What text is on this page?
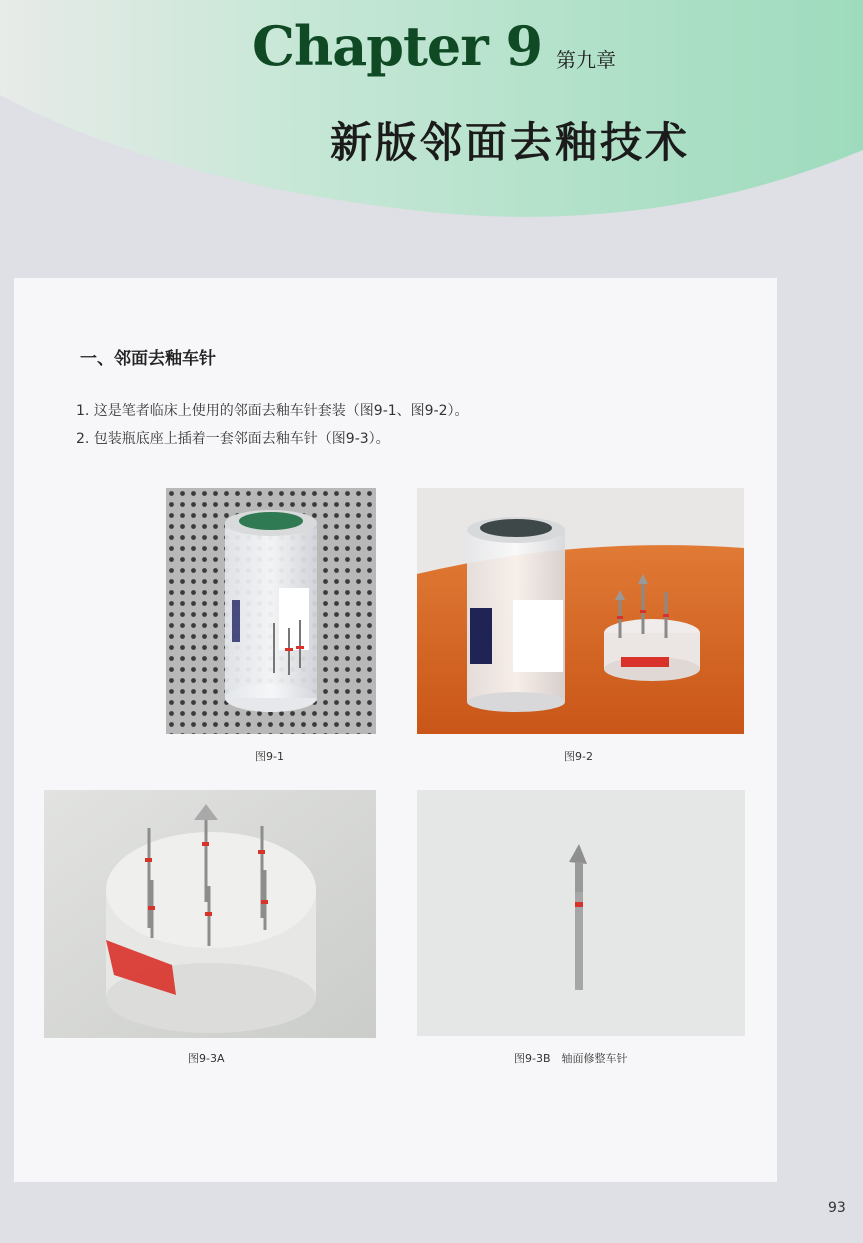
Chapter 9 第九章
新版邻面去釉技术
一、邻面去釉车针
1. 这是笔者临床上使用的邻面去釉车针套装（图9-1、图9-2）。
2. 包装瓶底座上插着一套邻面去釉车针（图9-3）。
图9-1	图9-2
图9-3A	图9-3B　轴面修整车针
93
